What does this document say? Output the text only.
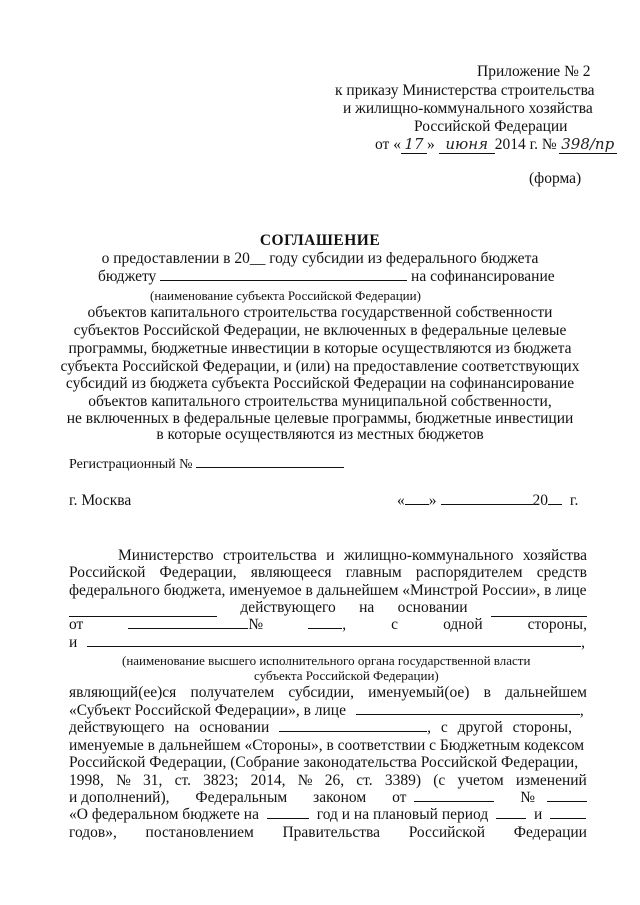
Приложение № 2
к приказу Министерства строительства
и жилищно-коммунального хозяйства
Российской Федерации
от « 17 » июня 2014 г. № 398/пр
(форма)
СОГЛАШЕНИЕ
о предоставлении в 20__ году субсидии из федерального бюджета
бюджету	на софинансирование
(наименование субъекта Российской Федерации)
объектов капитального строительства государственной собственности
субъектов Российской Федерации, не включенных в федеральные целевые
программы, бюджетные инвестиции в которые осуществляются из бюджета
субъекта Российской Федерации, и (или) на предоставление соответствующих
субсидий из бюджета субъекта Российской Федерации на софинансирование
объектов капитального строительства муниципальной собственности,
не включенных в федеральные целевые программы, бюджетные инвестиции
в которые осуществляются из местных бюджетов
Регистрационный №
г. Москва	« »	20 г.
Министерство строительства и жилищно-коммунального хозяйства
Российской Федерации, являющееся главным распорядителем средств
федерального бюджета, именуемое в дальнейшем «Минстрой России», в лице
действующего на основании
от	№	,	с	одной	стороны,
и	,
(наименование высшего исполнительного органа государственной власти
субъекта Российской Федерации)
являющий(ее)ся получателем субсидии, именуемый(ое) в дальнейшем
«Субъект Российской Федерации», в лице	,
действующего на основании	, с другой стороны,
именуемые в дальнейшем «Стороны», в соответствии с Бюджетным кодексом
Российской Федерации, (Собрание законодательства Российской Федерации,
1998, № 31, ст. 3823; 2014, № 26, ст. 3389) (с учетом изменений
и дополнений), Федеральным законом от	№
«О федеральном бюджете на	год и на плановый период	и
годов», постановлением Правительства Российской Федерации
